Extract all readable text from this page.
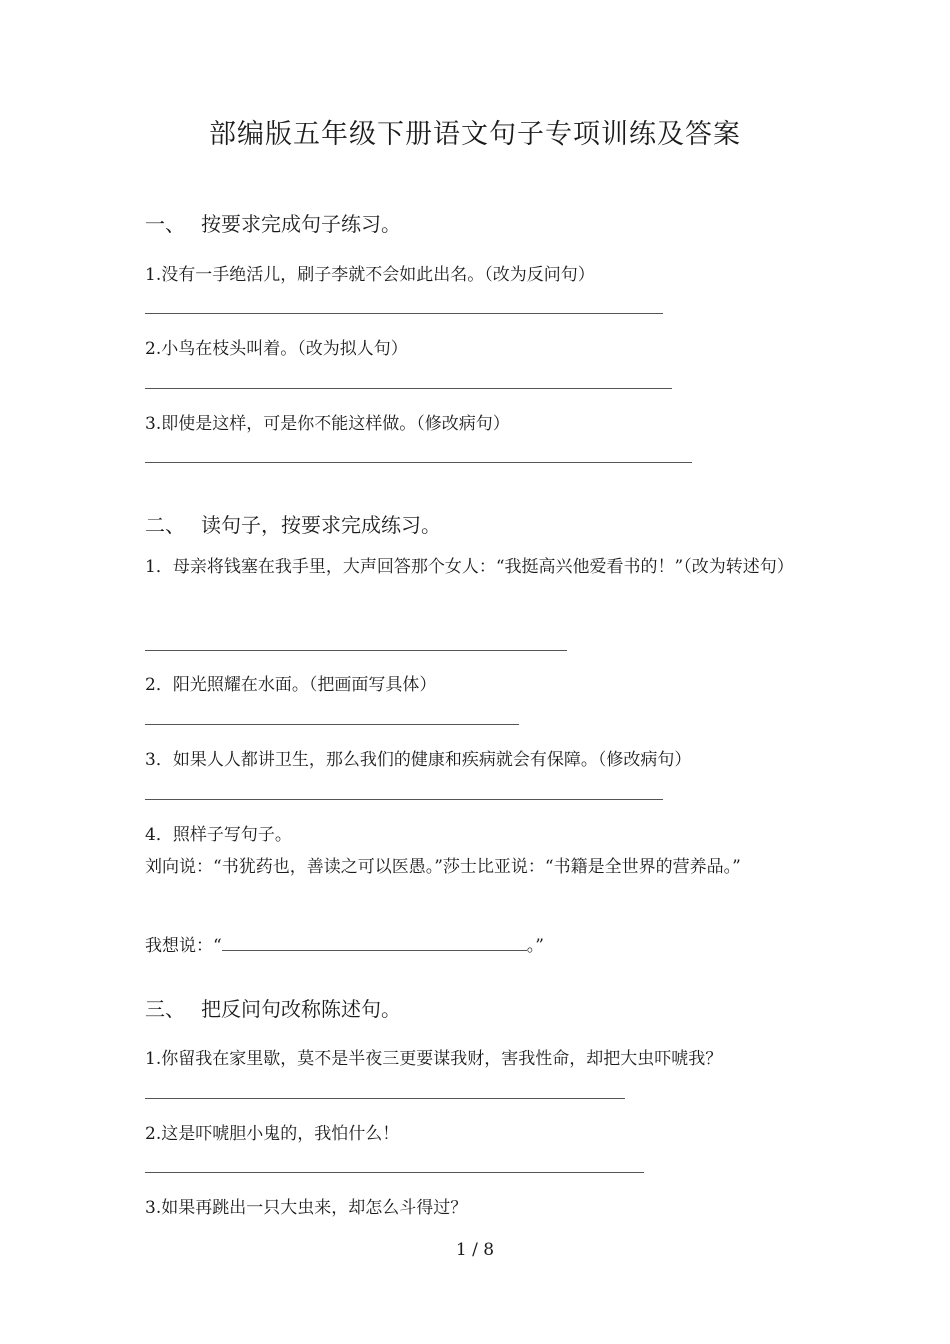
部编版五年级下册语文句子专项训练及答案
一、 按要求完成句子练习。
1.没有一手绝活儿，刷子李就不会如此出名。（改为反问句）
2.小鸟在枝头叫着。（改为拟人句）
3.即使是这样，可是你不能这样做。（修改病句）
二、 读句子，按要求完成练习。
1．母亲将钱塞在我手里，大声回答那个女人：“我挺高兴他爱看书的！”（改为转述句）
2．阳光照耀在水面。（把画面写具体）
3．如果人人都讲卫生，那么我们的健康和疾病就会有保障。（修改病句）
4．照样子写句子。
刘向说：“书犹药也，善读之可以医愚。”莎士比亚说：“书籍是全世界的营养品。”
我想说：“	。”
三、 把反问句改称陈述句。
1.你留我在家里歇，莫不是半夜三更要谋我财，害我性命，却把大虫吓唬我？
2.这是吓唬胆小鬼的，我怕什么！
3.如果再跳出一只大虫来，却怎么斗得过？
1 / 8
